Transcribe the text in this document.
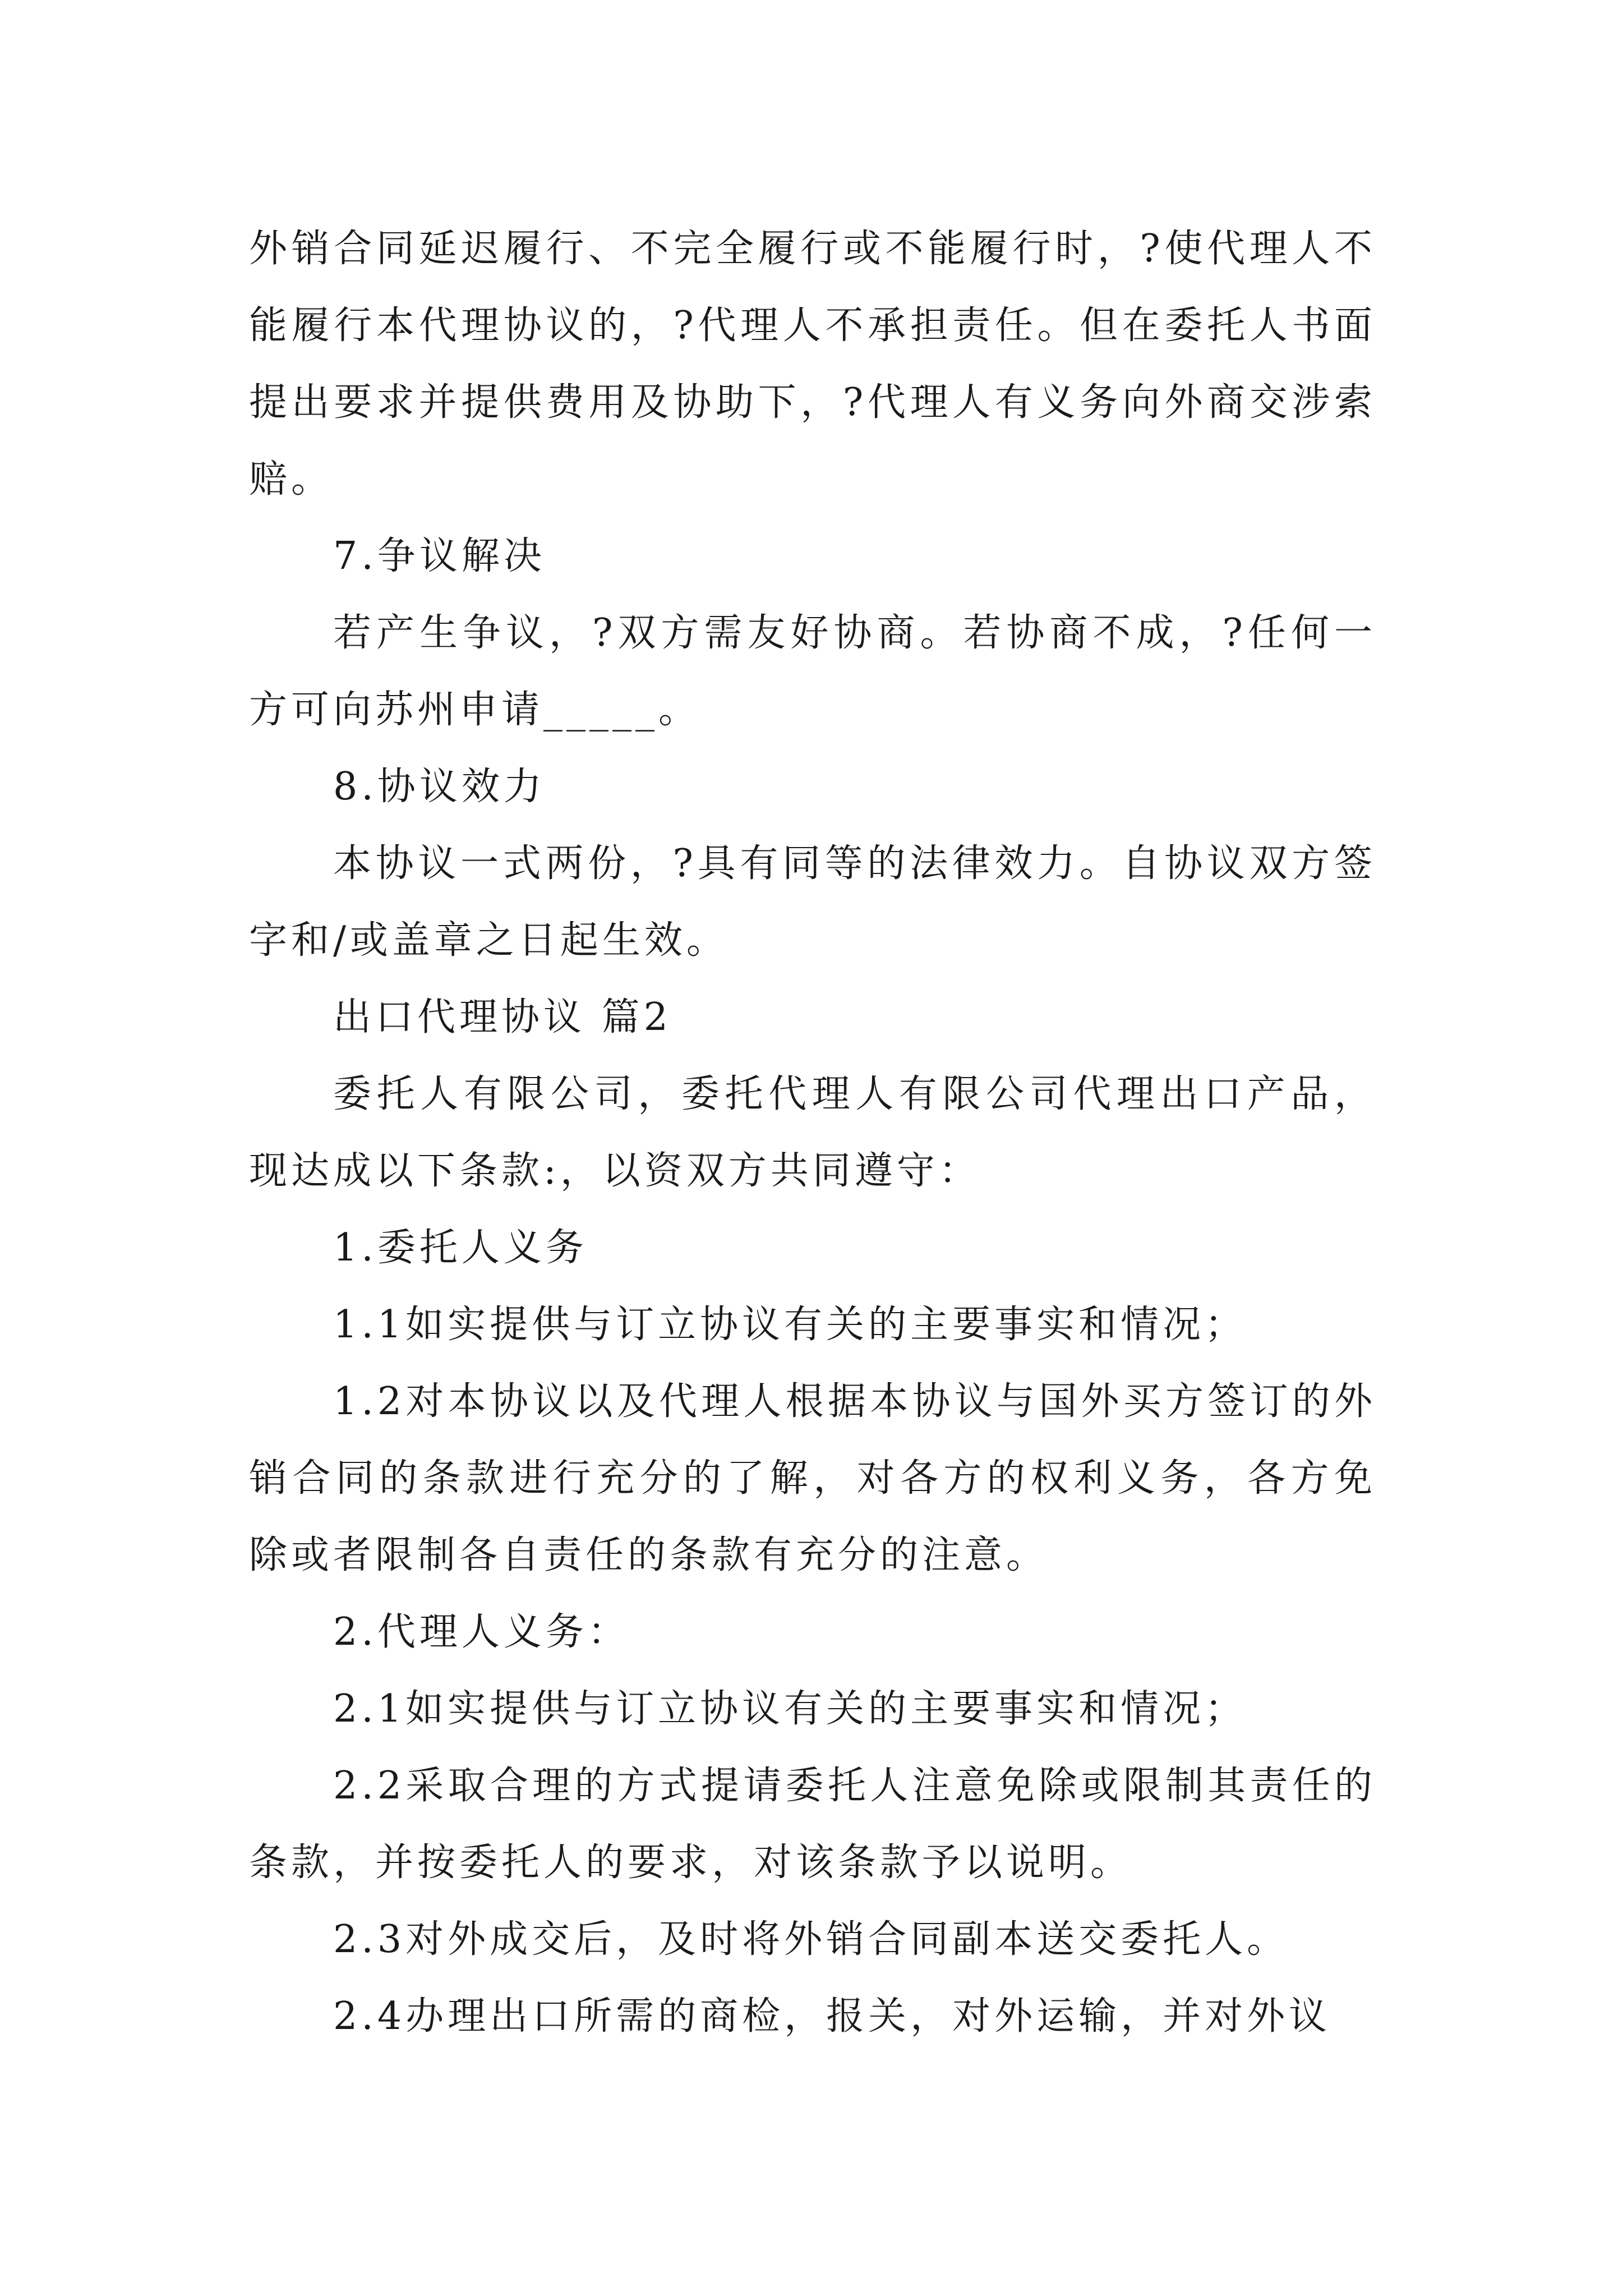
外销合同延迟履行、不完全履行或不能履行时，?使代理人不能履行本代理协议的，?代理人不承担责任。但在委托人书面提出要求并提供费用及协助下，?代理人有义务向外商交涉索赔。

7.争议解决

若产生争议，?双方需友好协商。若协商不成，?任何一方可向苏州申请_____。

8.协议效力

本协议一式两份，?具有同等的法律效力。自协议双方签字和/或盖章之日起生效。

出口代理协议 篇2

委托人有限公司，委托代理人有限公司代理出口产品，现达成以下条款:，以资双方共同遵守：

1.委托人义务

1.1如实提供与订立协议有关的主要事实和情况；

1.2对本协议以及代理人根据本协议与国外买方签订的外销合同的条款进行充分的了解，对各方的权利义务，各方免除或者限制各自责任的条款有充分的注意。

2.代理人义务：

2.1如实提供与订立协议有关的主要事实和情况；

2.2采取合理的方式提请委托人注意免除或限制其责任的条款，并按委托人的要求，对该条款予以说明。

2.3对外成交后，及时将外销合同副本送交委托人。

2.4办理出口所需的商检，报关，对外运输，并对外议
